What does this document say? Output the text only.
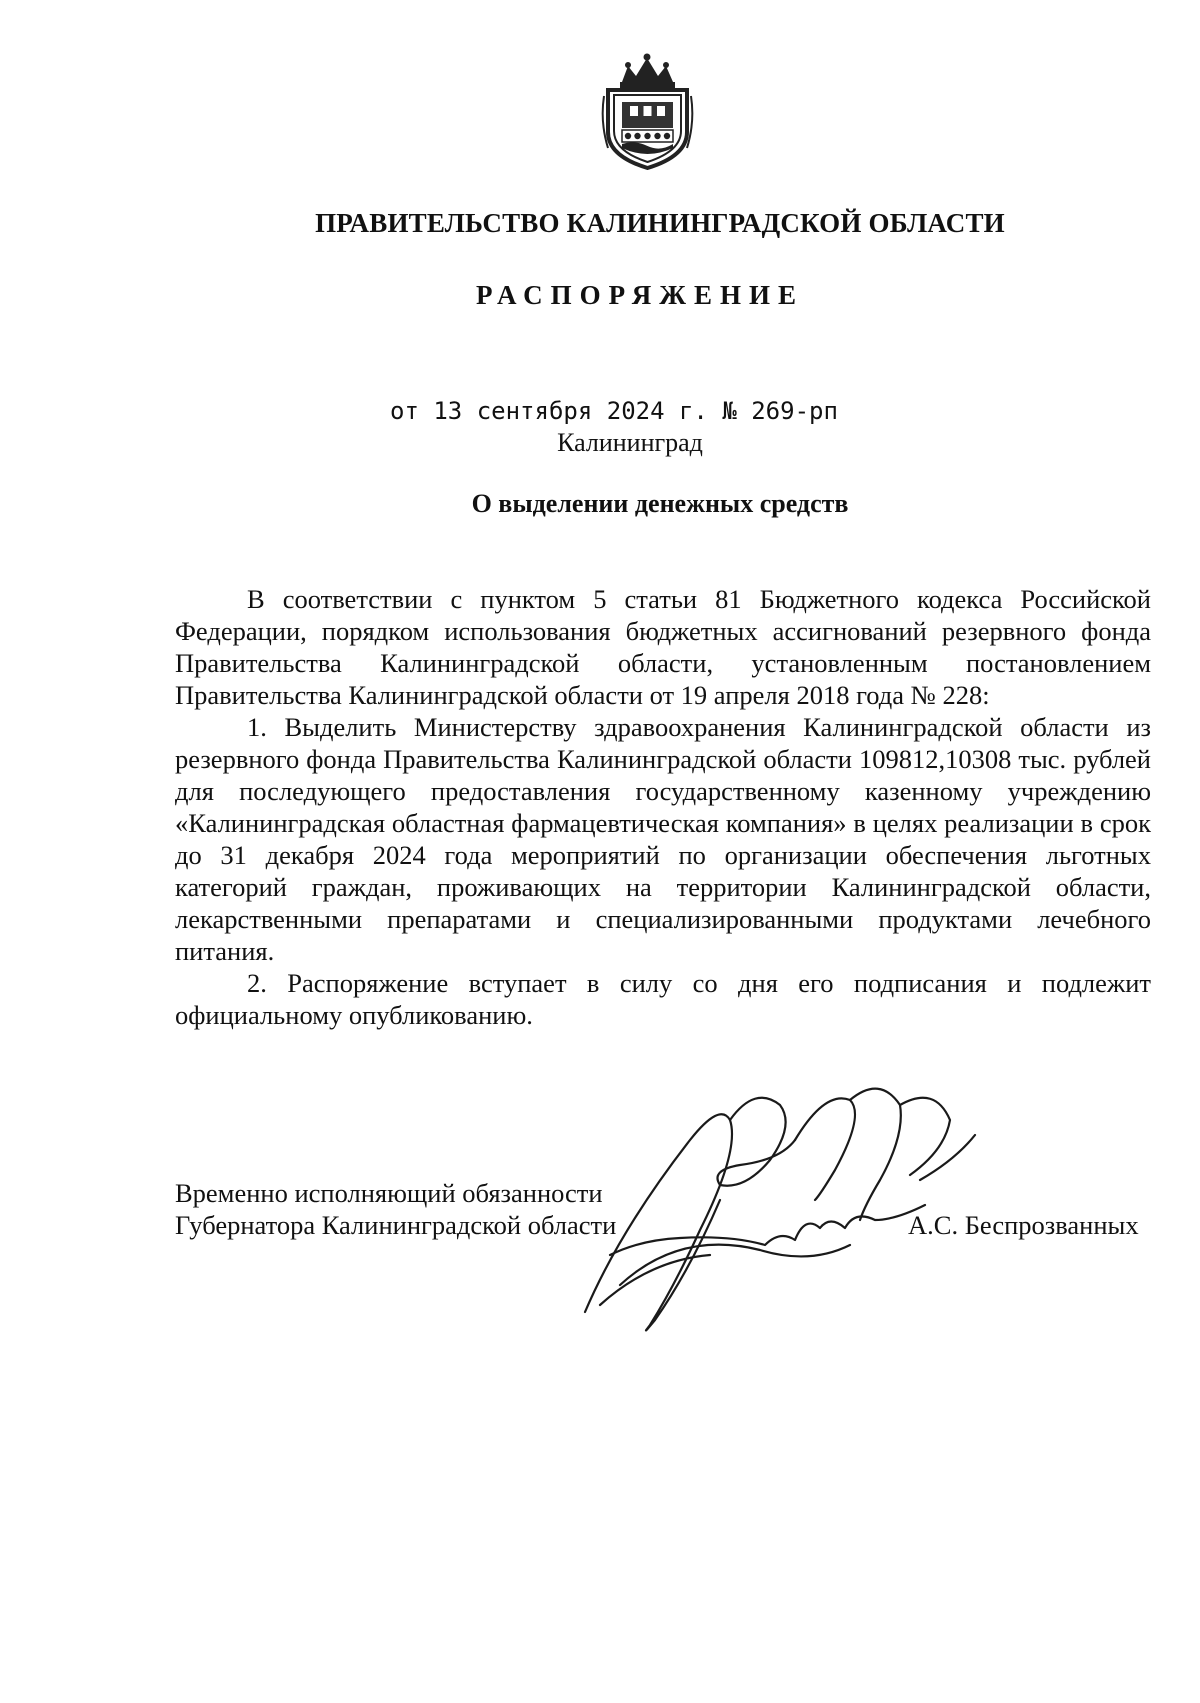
ПРАВИТЕЛЬСТВО КАЛИНИНГРАДСКОЙ ОБЛАСТИ
РАСПОРЯЖЕНИЕ
от 13 сентября 2024 г. № 269-рп
Калининград
О выделении денежных средств

В соответствии с пунктом 5 статьи 81 Бюджетного кодекса Российской Федерации, порядком использования бюджетных ассигнований резервного фонда Правительства Калининградской области, установленным постановлением Правительства Калининградской области от 19 апреля 2018 года № 228:

1. Выделить Министерству здравоохранения Калининградской области из резервного фонда Правительства Калининградской области 109812,10308 тыс. рублей для последующего предоставления государственному казенному учреждению «Калининградская областная фармацевтическая компания» в целях реализации в срок до 31 декабря 2024 года мероприятий по организации обеспечения льготных категорий граждан, проживающих на территории Калининградской области, лекарственными препаратами и специализированными продуктами лечебного питания.

2. Распоряжение вступает в силу со дня его подписания и подлежит официальному опубликованию.

Временно исполняющий обязанности
Губернатора Калининградской области	А.С. Беспрозванных
